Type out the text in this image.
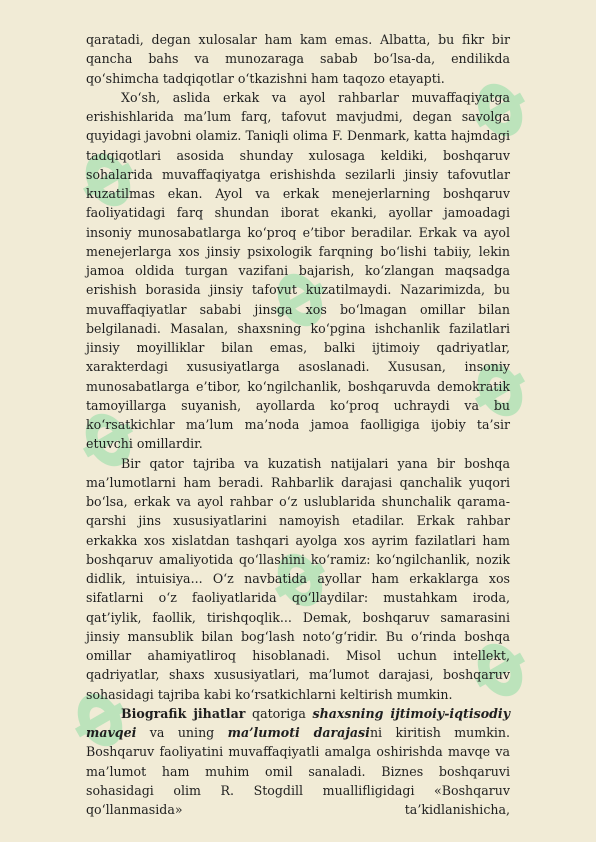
qaratadi, degan xulosalar ham kam emas. Albatta, bu fikr bir qancha bahs va munozaraga sabab bo‘lsa-da, endilikda qo‘shimcha tadqiqotlar o‘tkazishni ham taqozo etayapti.

Xo‘sh, aslida erkak va ayol rahbarlar muvaffaqiyatga erishishlarida ma’lum farq, tafovut mavjudmi, degan savolga quyidagi javobni olamiz. Taniqli olima F. Denmark, katta hajmdagi tadqiqotlari asosida shunday xulosaga keldiki, boshqaruv sohalarida muvaffaqiyatga erishishda sezilarli jinsiy tafovutlar kuzatilmas ekan. Ayol va erkak menejerlarning boshqaruv faoliyatidagi farq shundan iborat ekanki, ayollar jamoadagi insoniy munosabatlarga ko‘proq e’tibor beradilar. Erkak va ayol menejerlarga xos jinsiy psixologik farqning bo‘lishi tabiiy, lekin jamoa oldida turgan vazifani bajarish, ko‘zlangan maqsadga erishish borasida jinsiy tafovut kuzatilmaydi. Nazarimizda, bu muvaffaqiyatlar sababi jinsga xos bo‘lmagan omillar bilan belgilanadi. Masalan, shaxsning ko‘pgina ishchanlik fazilatlari jinsiy moyilliklar bilan emas, balki ijtimoiy qadriyatlar, xarakterdagi xususiyatlarga asoslanadi. Xususan, insoniy munosabatlarga e’tibor, ko‘ngilchanlik, boshqaruvda demokratik tamoyillarga suyanish, ayollarda ko‘proq uchraydi va bu ko‘rsatkichlar ma’lum ma’noda jamoa faolligiga ijobiy ta’sir etuvchi omillardir.

Bir qator tajriba va kuzatish natijalari yana bir boshqa ma’lumotlarni ham beradi. Rahbarlik darajasi qanchalik yuqori bo‘lsa, erkak va ayol rahbar o‘z uslublarida shunchalik qarama-qarshi jins xususiyatlarini namoyish etadilar. Erkak rahbar erkakka xos xislatdan tashqari ayolga xos ayrim fazilatlari ham boshqaruv amaliyotida qo‘llashini ko‘ramiz: ko‘ngilchanlik, nozik didlik, intuisiya... O‘z navbatida ayollar ham erkaklarga xos sifatlarni o‘z faoliyatlarida qo‘llaydilar: mustahkam iroda, qat’iylik, faollik, tirishqoqlik... Demak, boshqaruv samarasini jinsiy mansublik bilan bog‘lash noto‘g‘ridir. Bu o‘rinda boshqa omillar ahamiyatliroq hisoblanadi. Misol uchun intellekt, qadriyatlar, shaxs xususiyatlari, ma’lumot darajasi, boshqaruv sohasidagi tajriba kabi ko‘rsatkichlarni keltirish mumkin.

Biografik jihatlar qatoriga shaxsning ijtimoiy-iqtisodiy mavqei va uning ma’lumoti darajasini kiritish mumkin. Boshqaruv faoliyatini muvaffaqiyatli amalga oshirishda mavqe va ma’lumot ham muhim omil sanaladi. Biznes boshqaruvi sohasidagi olim R. Stogdill muallifligidagi «Boshqaruv qo‘llanmasida» ta’kidlanishicha,
